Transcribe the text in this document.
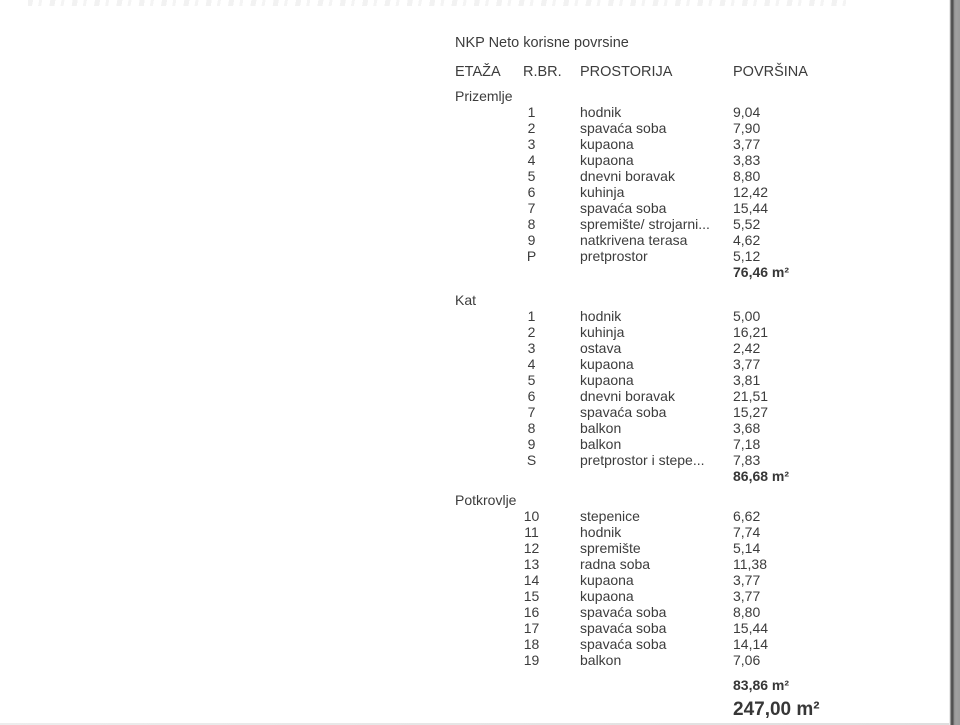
NKP Neto korisne povrsine
ETAŽA	R.BR.	PROSTORIJA	POVRŠINA
Prizemlje
1	hodnik	9,04
2	spavaća soba	7,90
3	kupaona	3,77
4	kupaona	3,83
5	dnevni boravak	8,80
6	kuhinja	12,42
7	spavaća soba	15,44
8	spremište/ strojarni...	5,52
9	natkrivena terasa	4,62
P	pretprostor	5,12
76,46 m²
Kat
1	hodnik	5,00
2	kuhinja	16,21
3	ostava	2,42
4	kupaona	3,77
5	kupaona	3,81
6	dnevni boravak	21,51
7	spavaća soba	15,27
8	balkon	3,68
9	balkon	7,18
S	pretprostor i stepe...	7,83
86,68 m²
Potkrovlje
10	stepenice	6,62
11	hodnik	7,74
12	spremište	5,14
13	radna soba	11,38
14	kupaona	3,77
15	kupaona	3,77
16	spavaća soba	8,80
17	spavaća soba	15,44
18	spavaća soba	14,14
19	balkon	7,06
83,86 m²
247,00 m²
